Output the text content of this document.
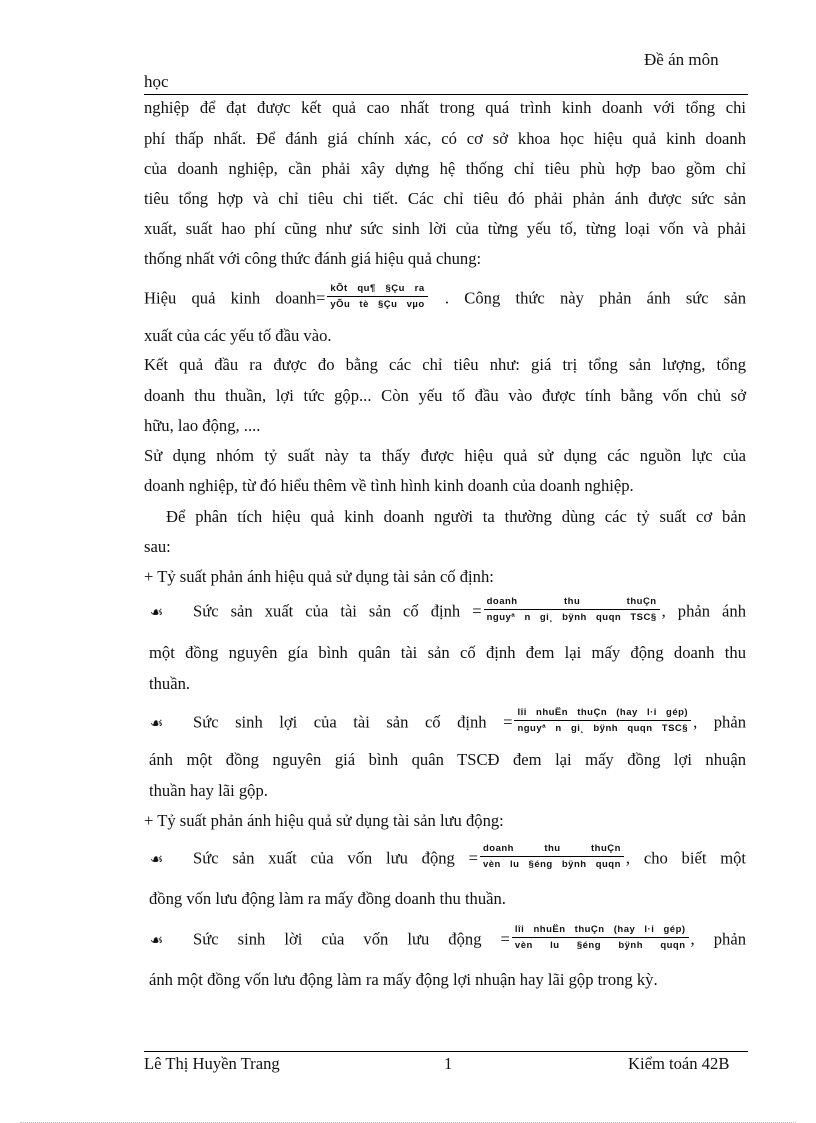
Đề án môn
học
nghiệp để đạt được kết quả cao nhất trong quá trình kinh doanh với tổng chi
phí thấp nhất. Để đánh giá chính xác, có cơ sở khoa học hiệu quả kinh doanh
của doanh nghiệp, cần phải xây dựng hệ thống chỉ tiêu phù hợp bao gồm chỉ
tiêu tổng hợp và chỉ tiêu chi tiết. Các chỉ tiêu đó phải phản ánh được sức sản
xuất, suất hao phí cũng như sức sinh lời của từng yếu tố, từng loại vốn và phải
thống nhất với công thức đánh giá hiệu quả chung:
Hiệu quả kinh doanh= $\frac{\text{kÕt qu¶ §Çu ra}}{\text{yÕu tè §Çu vµo}}$ . Công thức này phản ánh sức sản
xuất của các yếu tố đầu vào.
Kết quả đầu ra được đo bằng các chỉ tiêu như: giá trị tổng sản lượng, tổng
doanh thu thuần, lợi tức gộp... Còn yếu tố đầu vào được tính bằng vốn chủ sở
hữu, lao động, ....
Sử dụng nhóm tỷ suất này ta thấy được hiệu quả sử dụng các nguồn lực của
doanh nghiệp, từ đó hiểu thêm về tình hình kinh doanh của doanh nghiệp.
Để phân tích hiệu quả kinh doanh người ta thường dùng các tỷ suất cơ bản
sau:
+ Tỷ suất phản ánh hiệu quả sử dụng tài sản cố định:
☙ Sức sản xuất của tài sản cố định = $\frac{\text{doanh thu thuÇn}}{\text{nguyª n gi¸ bÿnh quqn TSC§}}$ , phản ánh
một đồng nguyên gía bình quân tài sản cố định đem lại mấy động doanh thu
thuần.
☙ Sức sinh lợi của tài sản cố định = $\frac{\text{lîi nhuËn thuÇn (hay l·i gép)}}{\text{nguyª n gi¸ bÿnh quqn TSC§}}$ , phản
ánh một đồng nguyên giá bình quân TSCĐ đem lại mấy đồng lợi nhuận
thuần hay lãi gộp.
+ Tỷ suất phản ánh hiệu quả sử dụng tài sản lưu động:
☙ Sức sản xuất của vốn lưu động = $\frac{\text{doanh thu thuÇn}}{\text{vèn lu §éng bÿnh quqn}}$ , cho biết một
đồng vốn lưu động làm ra mấy đồng doanh thu thuần.
☙ Sức sinh lời của vốn lưu động = $\frac{\text{lîi nhuËn thuÇn (hay l·i gép)}}{\text{vèn lu §éng bÿnh quqn}}$ , phản
ánh một đồng vốn lưu động làm ra mấy động lợi nhuận hay lãi gộp trong kỳ.
Lê Thị Huyền Trang	1	Kiểm toán 42B
